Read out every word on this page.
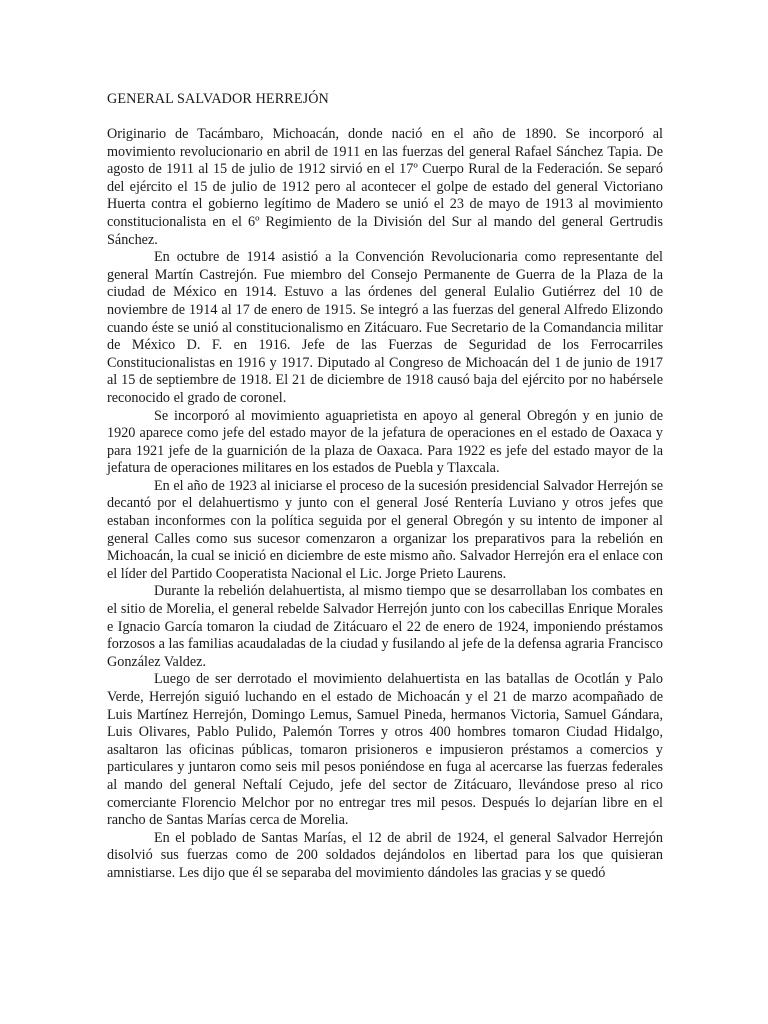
GENERAL SALVADOR HERREJÓN

Originario de Tacámbaro, Michoacán, donde nació en el año de 1890. Se incorporó al movimiento revolucionario en abril de 1911 en las fuerzas del general Rafael Sánchez Tapia. De agosto de 1911 al 15 de julio de 1912 sirvió en el 17º Cuerpo Rural de la Federación. Se separó del ejército el 15 de julio de 1912 pero al acontecer el golpe de estado del general Victoriano Huerta contra el gobierno legítimo de Madero se unió el 23 de mayo de 1913 al movimiento constitucionalista en el 6º Regimiento de la División del Sur al mando del general Gertrudis Sánchez.

En octubre de 1914 asistió a la Convención Revolucionaria como representante del general Martín Castrejón. Fue miembro del Consejo Permanente de Guerra de la Plaza de la ciudad de México en 1914. Estuvo a las órdenes del general Eulalio Gutiérrez del 10 de noviembre de 1914 al 17 de enero de 1915. Se integró a las fuerzas del general Alfredo Elizondo cuando éste se unió al constitucionalismo en Zitácuaro. Fue Secretario de la Comandancia militar de México D. F. en 1916. Jefe de las Fuerzas de Seguridad de los Ferrocarriles Constitucionalistas en 1916 y 1917. Diputado al Congreso de Michoacán del 1 de junio de 1917 al 15 de septiembre de 1918. El 21 de diciembre de 1918 causó baja del ejército por no habérsele reconocido el grado de coronel.

Se incorporó al movimiento aguaprietista en apoyo al general Obregón y en junio de 1920 aparece como jefe del estado mayor de la jefatura de operaciones en el estado de Oaxaca y para 1921 jefe de la guarnición de la plaza de Oaxaca. Para 1922 es jefe del estado mayor de la jefatura de operaciones militares en los estados de Puebla y Tlaxcala.

En el año de 1923 al iniciarse el proceso de la sucesión presidencial Salvador Herrejón se decantó por el delahuertismo y junto con el general José Rentería Luviano y otros jefes que estaban inconformes con la política seguida por el general Obregón y su intento de imponer al general Calles como sus sucesor comenzaron a organizar los preparativos para la rebelión en Michoacán, la cual se inició en diciembre de este mismo año. Salvador Herrejón era el enlace con el líder del Partido Cooperatista Nacional el Lic. Jorge Prieto Laurens.

Durante la rebelión delahuertista, al mismo tiempo que se desarrollaban los combates en el sitio de Morelia, el general rebelde Salvador Herrejón junto con los cabecillas Enrique Morales e Ignacio García tomaron la ciudad de Zitácuaro el 22 de enero de 1924, imponiendo préstamos forzosos a las familias acaudaladas de la ciudad y fusilando al jefe de la defensa agraria Francisco González Valdez.

Luego de ser derrotado el movimiento delahuertista en las batallas de Ocotlán y Palo Verde, Herrejón siguió luchando en el estado de Michoacán y el 21 de marzo acompañado de Luis Martínez Herrejón, Domingo Lemus, Samuel Pineda, hermanos Victoria, Samuel Gándara, Luis Olivares, Pablo Pulido, Palemón Torres y otros 400 hombres tomaron Ciudad Hidalgo, asaltaron las oficinas públicas, tomaron prisioneros e impusieron préstamos a comercios y particulares y juntaron como seis mil pesos poniéndose en fuga al acercarse las fuerzas federales al mando del general Neftalí Cejudo, jefe del sector de Zitácuaro, llevándose preso al rico comerciante Florencio Melchor por no entregar tres mil pesos. Después lo dejarían libre en el rancho de Santas Marías cerca de Morelia.

En el poblado de Santas Marías, el 12 de abril de 1924, el general Salvador Herrejón disolvió sus fuerzas como de 200 soldados dejándolos en libertad para los que quisieran amnistiarse. Les dijo que él se separaba del movimiento dándoles las gracias y se quedó
